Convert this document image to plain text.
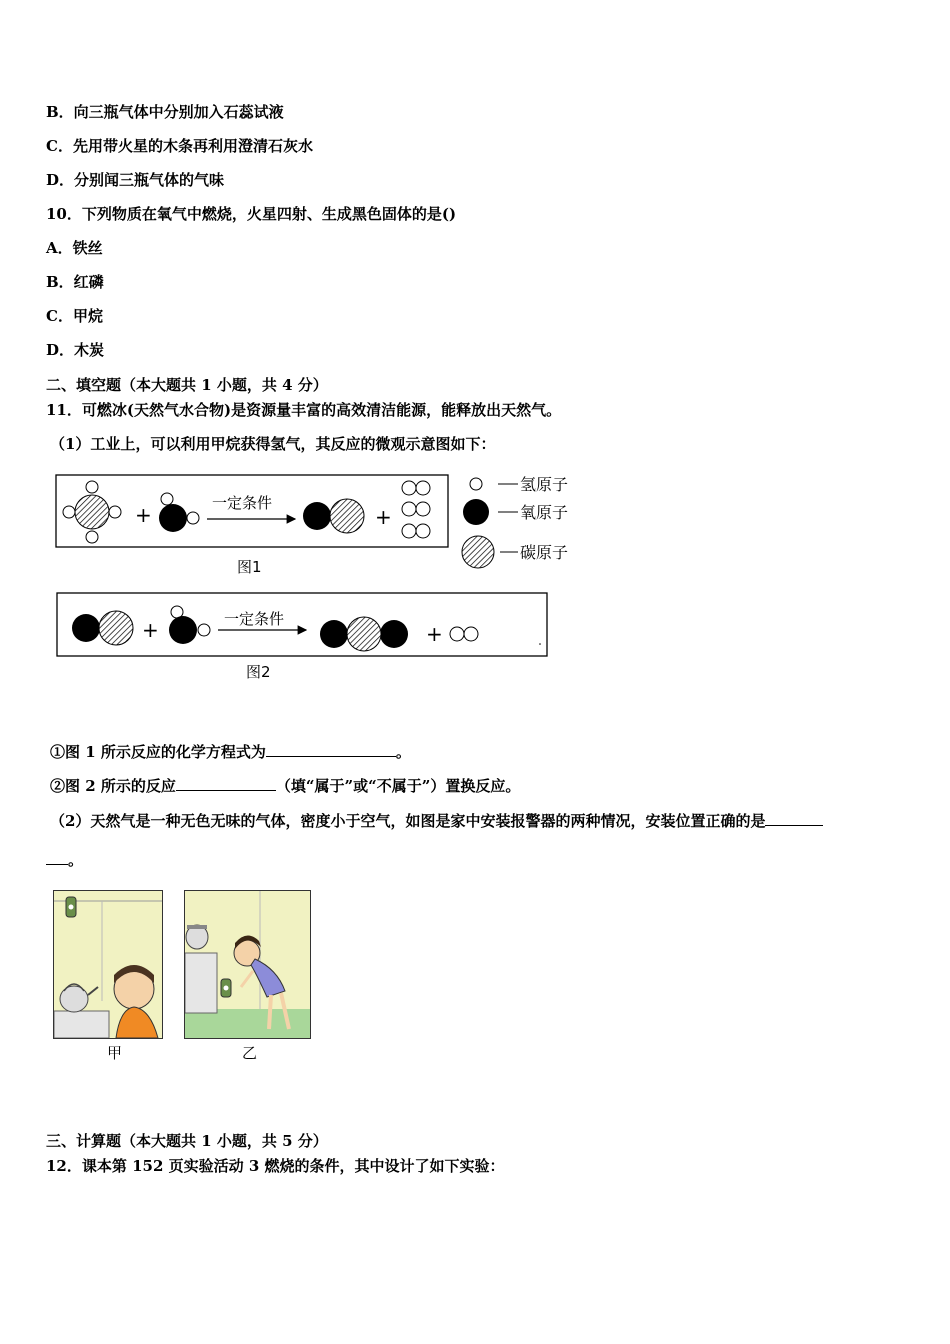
B．向三瓶气体中分别加入石蕊试液
C．先用带火星的木条再利用澄清石灰水
D．分别闻三瓶气体的气味
10．下列物质在氧气中燃烧，火星四射、生成黑色固体的是()
A．铁丝
B．红磷
C．甲烷
D．木炭
二、填空题（本大题共 1 小题，共 4 分）
11．可燃冰(天然气水合物)是资源量丰富的高效清洁能源，能释放出天然气。
（1）工业上，可以利用甲烷获得氢气，其反应的微观示意图如下：
+	一定条件
+
图1
氢原子
氧原子
碳原子
+	一定条件
+
图2
①图 1 所示反应的化学方程式为	。
②图 2 所示的反应	（填“属于”或“不属于”）置换反应。
（2）天然气是一种无色无味的气体，密度小于空气，如图是家中安装报警器的两种情况，安装位置正确的是
。
甲	乙
三、计算题（本大题共 1 小题，共 5 分）
12．课本第 152 页实验活动 3 燃烧的条件，其中设计了如下实验：
